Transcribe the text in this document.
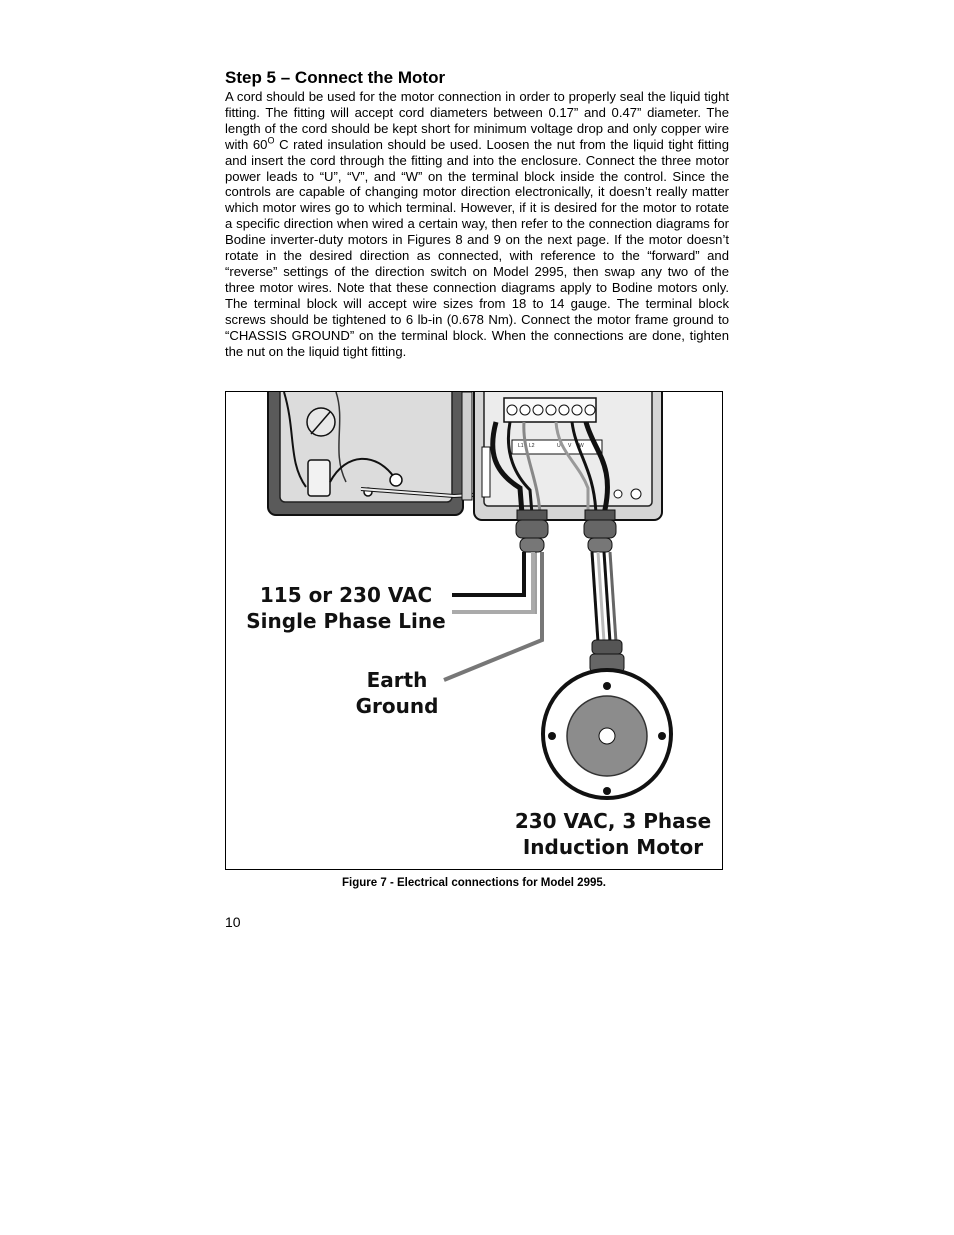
Step 5 – Connect the Motor

A cord should be used for the motor connection in order to properly seal the liquid tight fitting. The fitting will accept cord diameters between 0.17” and 0.47” diameter. The length of the cord should be kept short for minimum voltage drop and only copper wire with $60^O$ C rated insulation should be used. Loosen the nut from the liquid tight fitting and insert the cord through the fitting and into the enclosure. Connect the three motor power leads to “U”, “V”, and “W” on the terminal block inside the control. Since the controls are capable of changing motor direction electronically, it doesn’t really matter which motor wires go to which terminal. However, if it is desired for the motor to rotate a specific direction when wired a certain way, then refer to the connection diagrams for Bodine inverter-duty motors in Figures 8 and 9 on the next page. If the motor doesn’t rotate in the desired direction as connected, with reference to the “forward” and “reverse” settings of the direction switch on Model 2995, then swap any two of the three motor wires. Note that these connection diagrams apply to Bodine motors only. The terminal block will accept wire sizes from 18 to 14 gauge. The terminal block screws should be tightened to 6 lb-in (0.678 Nm). Connect the motor frame ground to “CHASSIS GROUND” on the terminal block. When the connections are done, tighten the nut on the liquid tight fitting.

L1 L2	U V W
115 or 230 VAC
Single Phase Line
Earth
Ground
230 VAC, 3 Phase
Induction Motor

Figure 7 - Electrical connections for Model 2995.

10
